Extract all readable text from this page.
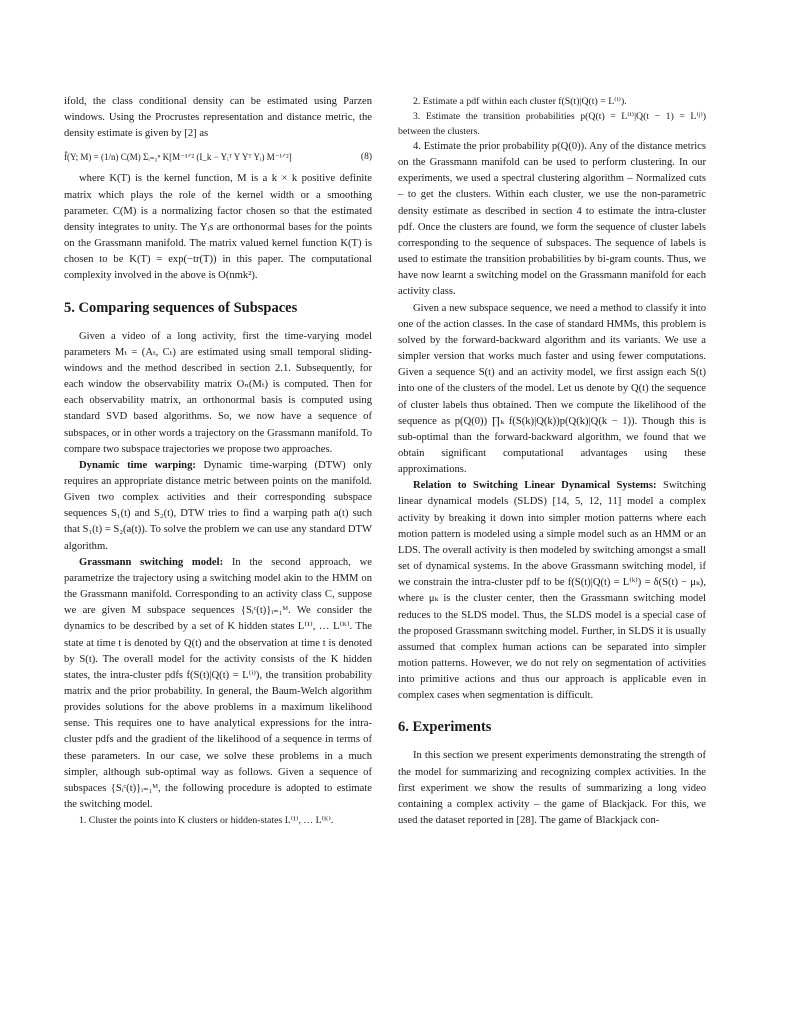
ifold, the class conditional density can be estimated using Parzen windows. Using the Procrustes representation and distance metric, the density estimate is given by [2] as

f̂(Y; M) = (1/n) C(M) Σᵢ₌₁ⁿ K[M⁻¹ᐟ² (I_k − Yᵢᵀ Y Yᵀ Yᵢ) M⁻¹ᐟ²]	(8)

where K(T) is the kernel function, M is a k × k positive definite matrix which plays the role of the kernel width or a smoothing parameter. C(M) is a normalizing factor chosen so that the estimated density integrates to unity. The Yᵢs are orthonormal bases for the points on the Grassmann manifold. The matrix valued kernel function K(T) is chosen to be K(T) = exp(−tr(T)) in this paper. The computational complexity involved in the above is O(nmk²).

5. Comparing sequences of Subspaces

Given a video of a long activity, first the time-varying model parameters Mₜ = (Aₜ, Cₜ) are estimated using small temporal sliding-windows and the method described in section 2.1. Subsequently, for each window the observability matrix Oₙ(Mₜ) is computed. Then for each observability matrix, an orthonormal basis is computed using standard SVD based algorithms. So, we now have a sequence of subspaces, or in other words a trajectory on the Grassmann manifold. To compare two subspace trajectories we propose two approaches.

Dynamic time warping: Dynamic time-warping (DTW) only requires an appropriate distance metric between points on the manifold. Given two complex activities and their corresponding subspace sequences S₁(t) and S₂(t), DTW tries to find a warping path a(t) such that S₁(t) = S₂(a(t)). To solve the problem we can use any standard DTW algorithm.

Grassmann switching model: In the second approach, we parametrize the trajectory using a switching model akin to the HMM on the Grassmann manifold. Corresponding to an activity class C, suppose we are given M subspace sequences {Sᵢᶜ(t)}ᵢ₌₁ᴹ. We consider the dynamics to be described by a set of K hidden states L⁽¹⁾, … L⁽ᴷ⁾. The state at time t is denoted by Q(t) and the observation at time t is denoted by S(t). The overall model for the activity consists of the K hidden states, the intra-cluster pdfs f(S(t)|Q(t) = L⁽ⁱ⁾), the transition probability matrix and the prior probability. In general, the Baum-Welch algorithm provides solutions for the above problems in a maximum likelihood sense. This requires one to have analytical expressions for the intra-cluster pdfs and the gradient of the likelihood of a sequence in terms of these parameters. In our case, we solve these problems in a much simpler, although sub-optimal way as follows. Given a sequence of subspaces {Sᵢᶜ(t)}ᵢ₌₁ᴹ, the following procedure is adopted to estimate the switching model.

1. Cluster the points into K clusters or hidden-states L⁽¹⁾, … L⁽ᴷ⁾.

2. Estimate a pdf within each cluster f(S(t)|Q(t) = L⁽ⁱ⁾).

3. Estimate the transition probabilities p(Q(t) = L⁽ⁱ⁾|Q(t − 1) = L⁽ʲ⁾) between the clusters.

4. Estimate the prior probability p(Q(0)). Any of the distance metrics on the Grassmann manifold can be used to perform clustering. In our experiments, we used a spectral clustering algorithm – Normalized cuts – to get the clusters. Within each cluster, we use the non-parametric density estimate as described in section 4 to estimate the intra-cluster pdf. Once the clusters are found, we form the sequence of cluster labels corresponding to the sequence of subspaces. The sequence of labels is used to estimate the transition probabilities by bi-gram counts. Thus, we have now learnt a switching model on the Grassmann manifold for each activity class.

Given a new subspace sequence, we need a method to classify it into one of the action classes. In the case of standard HMMs, this problem is solved by the forward-backward algorithm and its variants. We use a simpler version that works much faster and using fewer computations. Given a sequence S(t) and an activity model, we first assign each S(t) into one of the clusters of the model. Let us denote by Q(t) the sequence of cluster labels thus obtained. Then we compute the likelihood of the sequence as p(Q(0)) ∏ₖ f(S(k)|Q(k))p(Q(k)|Q(k − 1)). Though this is sub-optimal than the forward-backward algorithm, we found that we obtain significant computational advantages using these approximations.

Relation to Switching Linear Dynamical Systems: Switching linear dynamical models (SLDS) [14, 5, 12, 11] model a complex activity by breaking it down into simpler motion patterns where each motion pattern is modeled using a simple model such as an HMM or an LDS. The overall activity is then modeled by switching amongst a small set of dynamical systems. In the above Grassmann switching model, if we constrain the intra-cluster pdf to be f(S(t)|Q(t) = L⁽ᵏ⁾) = δ(S(t) − μₖ), where μₖ is the cluster center, then the Grassmann switching model reduces to the SLDS model. Thus, the SLDS model is a special case of the proposed Grassmann switching model. Further, in SLDS it is usually assumed that complex human actions can be separated into simpler motion patterns. However, we do not rely on segmentation of activities into primitive actions and thus our approach is applicable even in complex cases when segmentation is difficult.

6. Experiments

In this section we present experiments demonstrating the strength of the model for summarizing and recognizing complex activities. In the first experiment we show the results of summarizing a long video containing a complex activity – the game of Blackjack. For this, we used the dataset reported in [28]. The game of Blackjack con-
